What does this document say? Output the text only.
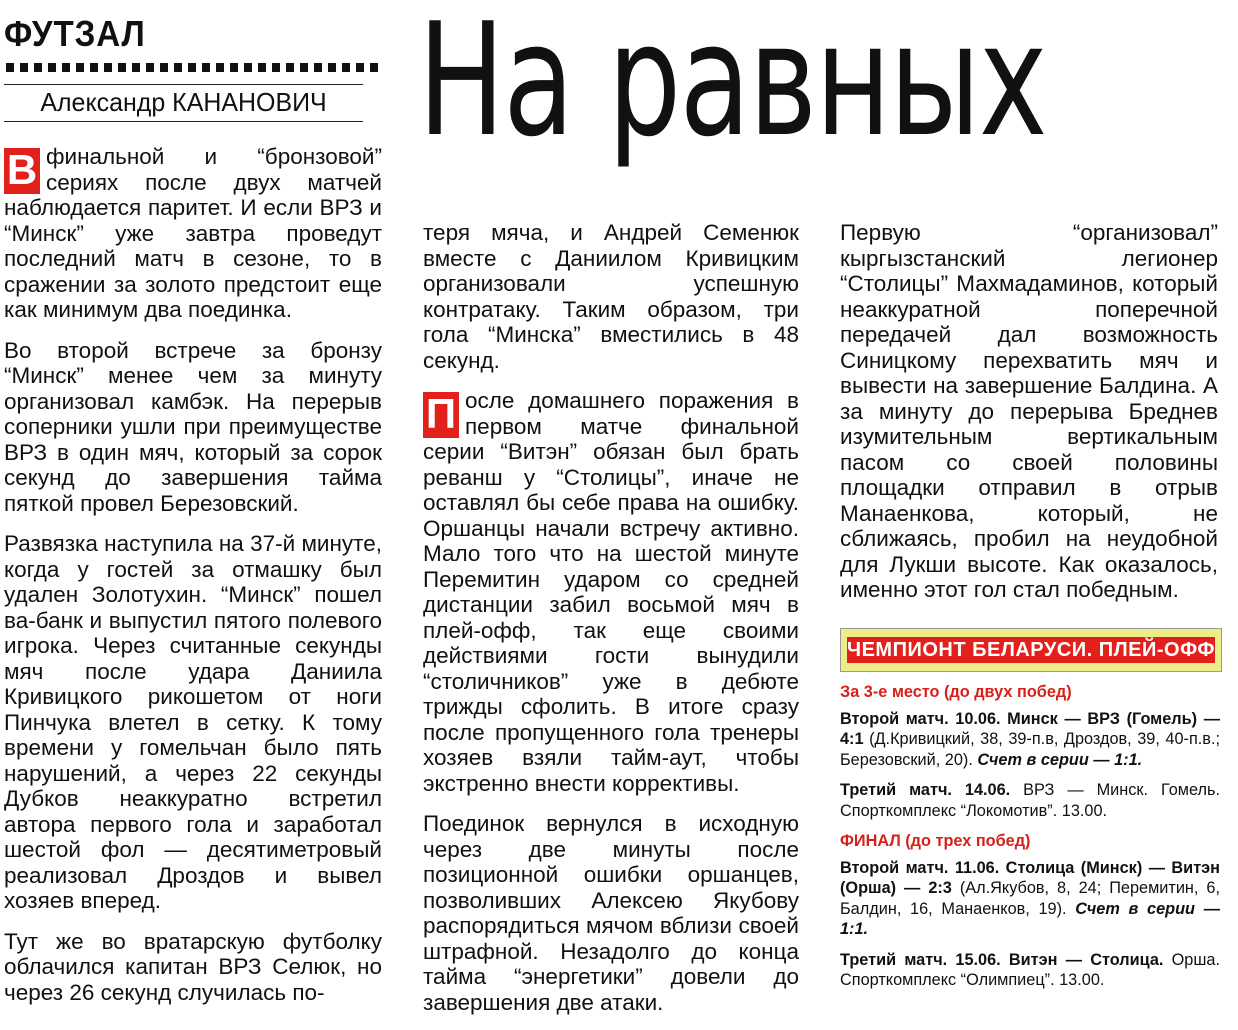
ФУТЗАЛ
Александр КАНАНОВИЧ На равных

В финальной и “бронзовой” сериях после двух матчей наблюдается паритет. И если ВРЗ и “Минск” уже завтра проведут последний матч в сезоне, то в сражении за золото предстоит еще как минимум два поединка.

Во второй встрече за бронзу “Минск” менее чем за минуту организовал камбэк. На перерыв соперники ушли при преимуществе ВРЗ в один мяч, который за сорок секунд до завершения тайма пяткой провел Березовский.

Развязка наступила на 37-й минуте, когда у гостей за отмашку был удален Золотухин. “Минск” пошел ва-банк и выпустил пятого полевого игрока. Через считанные секунды мяч после удара Даниила Кривицкого рикошетом от ноги Пинчука влетел в сетку. К тому времени у гомельчан было пять нарушений, а через 22 секунды Дубков неаккуратно встретил автора первого гола и заработал шестой фол — десятиметровый реализовал Дроздов и вывел хозяев вперед.

Тут же во вратарскую футболку облачился капитан ВРЗ Селюк, но через 26 секунд случилась по-

теря мяча, и Андрей Семенюк вместе с Даниилом Кривицким организовали успешную контратаку. Таким образом, три гола “Минска” вместились в 48 секунд.

П осле домашнего поражения в первом матче финальной серии “Витэн” обязан был брать реванш у “Столицы”, иначе не оставлял бы себе права на ошибку. Оршанцы начали встречу активно. Мало того что на шестой минуте Перемитин ударом со средней дистанции забил восьмой мяч в плей-офф, так еще своими действиями гости вынудили “столичников” уже в дебюте трижды сфолить. В итоге сразу после пропущенного гола тренеры хозяев взяли тайм-аут, чтобы экстренно внести коррективы.

Поединок вернулся в исходную через две минуты после позиционной ошибки оршанцев, позволивших Алексею Якубову распорядиться мячом вблизи своей штрафной. Незадолго до конца тайма “энергетики” довели до завершения две атаки.

Первую “организовал” кыргызстанский легионер “Столицы” Махмадаминов, который неаккуратной поперечной передачей дал возможность Синицкому перехватить мяч и вывести на завершение Балдина. А за минуту до перерыва Бреднев изумительным вертикальным пасом со своей половины площадки отправил в отрыв Манаенкова, который, не сближаясь, пробил на неудобной для Лукши высоте. Как оказалось, именно этот гол стал победным.

ЧЕМПИОНТ БЕЛАРУСИ. ПЛЕЙ-ОФФ
За 3-е место (до двух побед)
Второй матч. 10.06. Минск — ВРЗ (Гомель) — 4:1 (Д.Кривицкий, 38, 39-п.в, Дроздов, 39, 40-п.в.; Березовский, 20). Счет в серии — 1:1.
Третий матч. 14.06. ВРЗ — Минск. Гомель. Спорткомплекс “Локомотив”. 13.00.
ФИНАЛ (до трех побед)
Второй матч. 11.06. Столица (Минск) — Витэн (Орша) — 2:3 (Ал.Якубов, 8, 24; Перемитин, 6, Балдин, 16, Манаенков, 19). Счет в серии — 1:1.
Третий матч. 15.06. Витэн — Столица. Орша. Спорткомплекс “Олимпиец”. 13.00.
